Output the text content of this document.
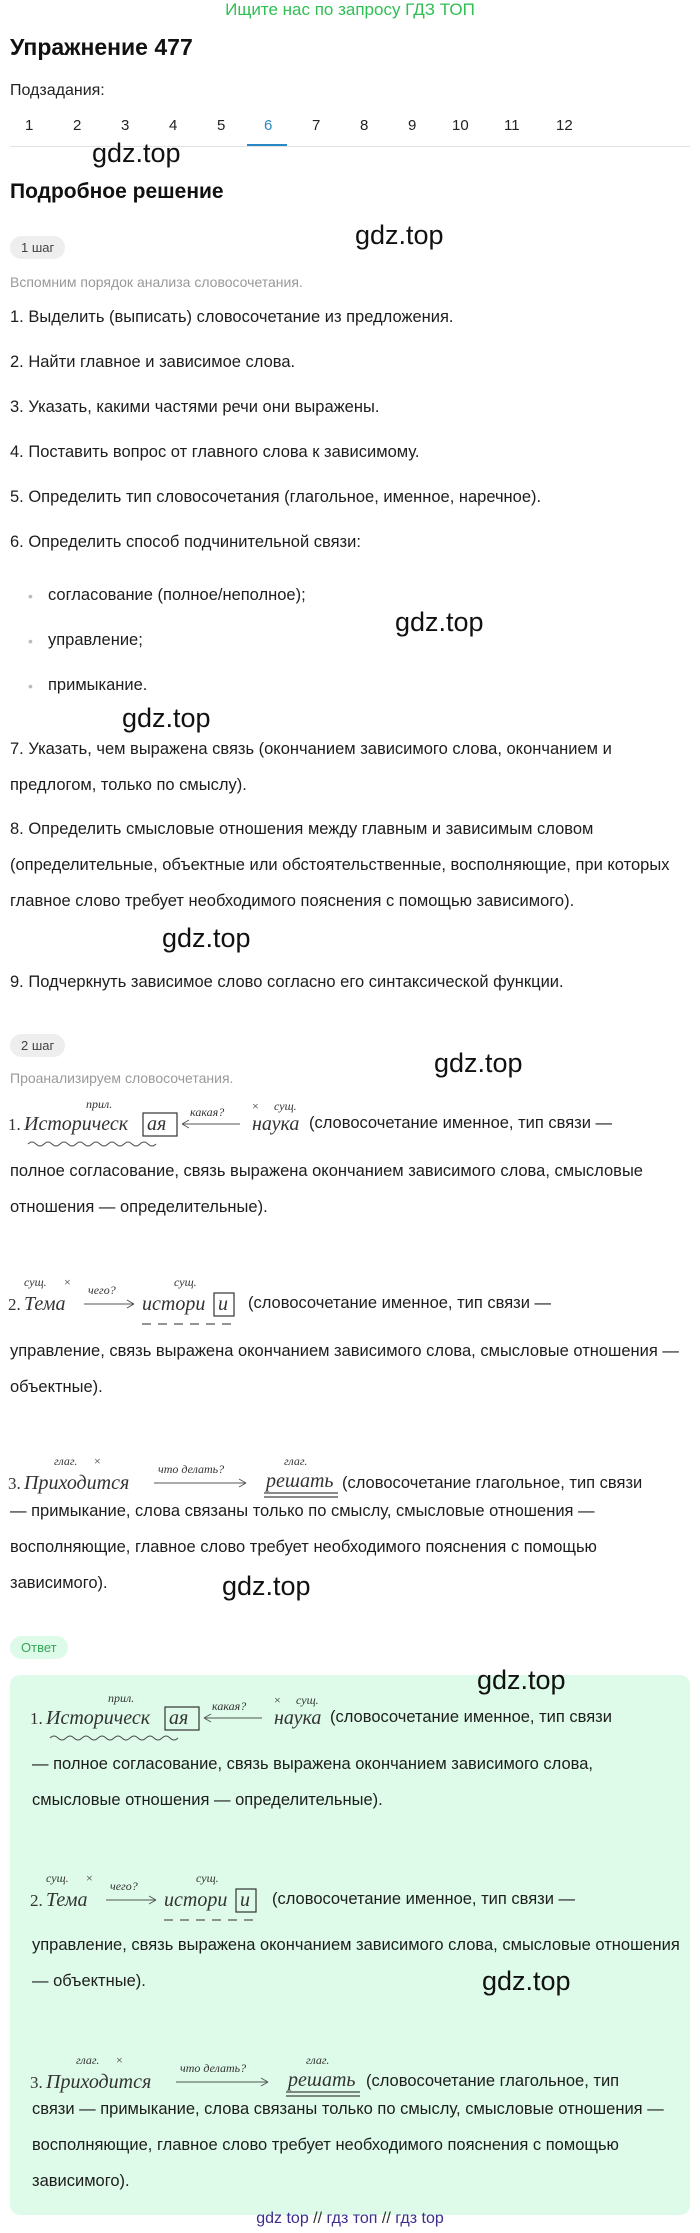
Ищите нас по запросу ГДЗ ТОП
Упражнение 477
Подзадания:
1	2	3	4	5	6	7	8	9 10 11 12
gdz.top
gdz.top
gdz.top
gdz.top
gdz.top
gdz.top
gdz.top
Подробное решение
1 шаг
Вспомним порядок анализа словосочетания.
1. Выделить (выписать) словосочетание из предложения.
2. Найти главное и зависимое слова.
3. Указать, какими частями речи они выражены.
4. Поставить вопрос от главного слова к зависимому.
5. Определить тип словосочетания (глагольное, именное, наречное).
6. Определить способ подчинительной связи:
• согласование (полное/неполное);
• управление;
• примыкание.
7. Указать, чем выражена связь (окончанием зависимого слова, окончанием и предлогом, только по смыслу).
8. Определить смысловые отношения между главным и зависимым словом (определительные, объектные или обстоятельственные, восполняющие, при которых главное слово требует необходимого пояснения с помощью зависимого).
9. Подчеркнуть зависимое слово согласно его синтаксической функции.
2 шаг
Проанализируем словосочетания.
1. Историческ ая
прил.
какая? × сущ.
наука (словосочетание именное, тип связи —
полное согласование, связь выражена окончанием зависимого слова, смысловые отношения — определительные).
2. Тема
сущ. ×
чего?
сущ.
истори и (словосочетание именное, тип связи —
управление, связь выражена окончанием зависимого слова, смысловые отношения — объектные).
3. Приходится
глаг. ×
что делать?
глаг.
решать (словосочетание глагольное, тип связи
— примыкание, слова связаны только по смыслу, смысловые отношения — восполняющие, главное слово требует необходимого пояснения с помощью зависимого).
Ответ
gdz.top
gdz.top
1. Историческ ая
прил.
какая? × сущ.
наука (словосочетание именное, тип связи
— полное согласование, связь выражена окончанием зависимого слова, смысловые отношения — определительные).
2. Тема
сущ. ×
чего?
сущ.
истори и (словосочетание именное, тип связи —
управление, связь выражена окончанием зависимого слова, смысловые отношения — объектные).
3. Приходится
глаг. ×
что делать?
глаг.
решать (словосочетание глагольное, тип
связи — примыкание, слова связаны только по смыслу, смысловые отношения — восполняющие, главное слово требует необходимого пояснения с помощью зависимого).
gdz top // гдз топ // гдз top
